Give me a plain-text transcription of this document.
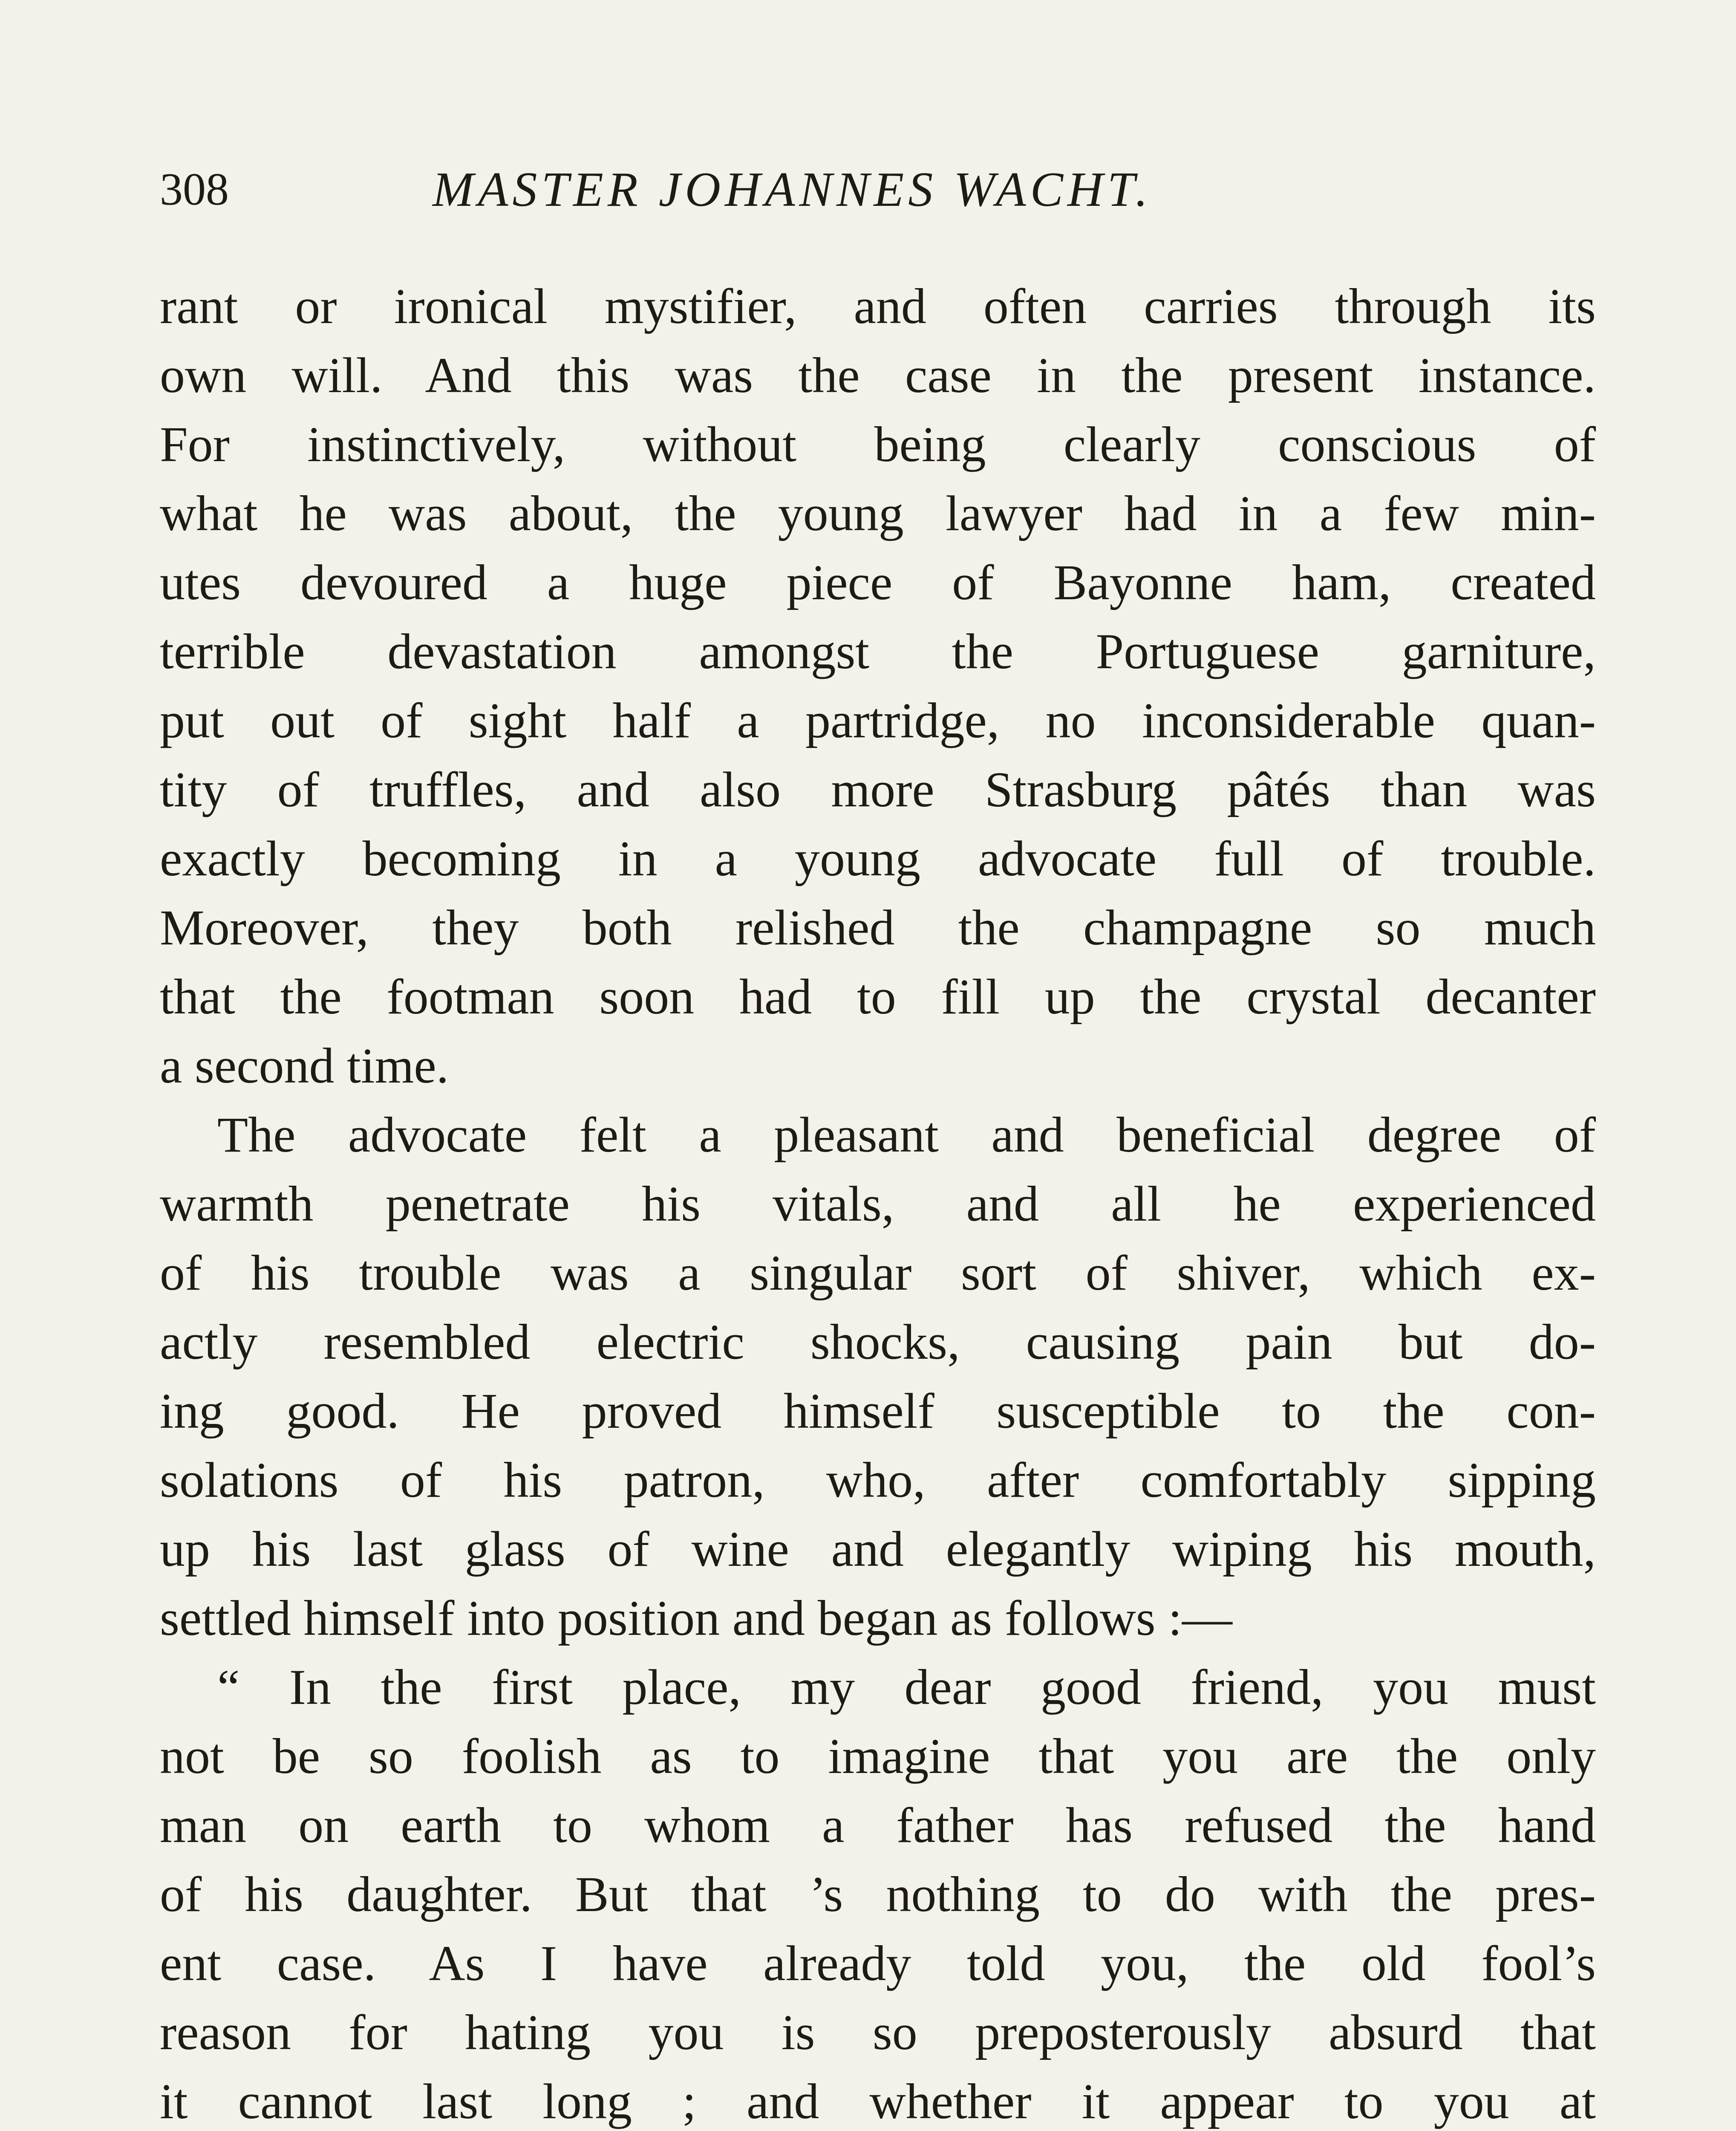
308	MASTER JOHANNES WACHT.
rant or ironical mystifier, and often carries through its
own will. And this was the case in the present instance.
For instinctively, without being clearly conscious of
what he was about, the young lawyer had in a few min-
utes devoured a huge piece of Bayonne ham, created
terrible devastation amongst the Portuguese garniture,
put out of sight half a partridge, no inconsiderable quan-
tity of truffles, and also more Strasburg pâtés than was
exactly becoming in a young advocate full of trouble.
Moreover, they both relished the champagne so much
that the footman soon had to fill up the crystal decanter
a second time.
The advocate felt a pleasant and beneficial degree of
warmth penetrate his vitals, and all he experienced
of his trouble was a singular sort of shiver, which ex-
actly resembled electric shocks, causing pain but do-
ing good. He proved himself susceptible to the con-
solations of his patron, who, after comfortably sipping
up his last glass of wine and elegantly wiping his mouth,
settled himself into position and began as follows :—
“ In the first place, my dear good friend, you must
not be so foolish as to imagine that you are the only
man on earth to whom a father has refused the hand
of his daughter. But that ’s nothing to do with the pres-
ent case. As I have already told you, the old fool’s
reason for hating you is so preposterously absurd that
it cannot last long ; and whether it appear to you at
